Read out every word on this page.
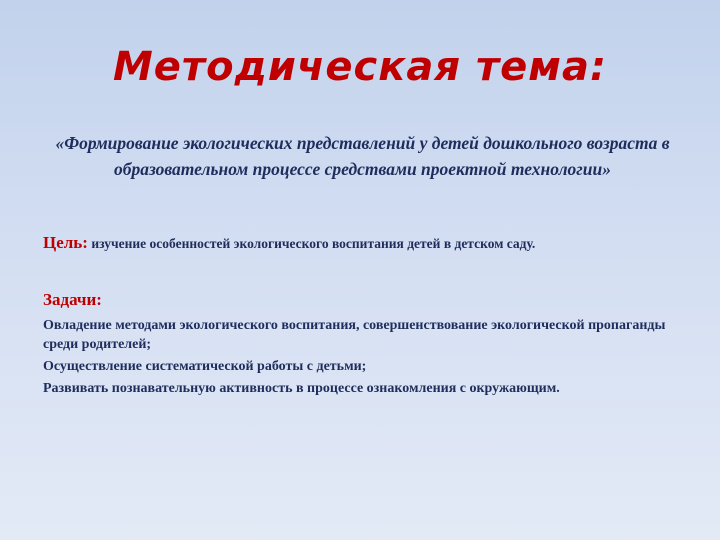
Методическая тема:
«Формирование экологических представлений у детей дошкольного возраста в образовательном процессе средствами проектной технологии»
Цель: изучение особенностей экологического воспитания детей в детском саду.
Задачи:
Овладение методами экологического воспитания, совершенствование экологической пропаганды среди родителей;
Осуществление систематической работы с детьми;
Развивать познавательную активность в процессе ознакомления с окружающим.
